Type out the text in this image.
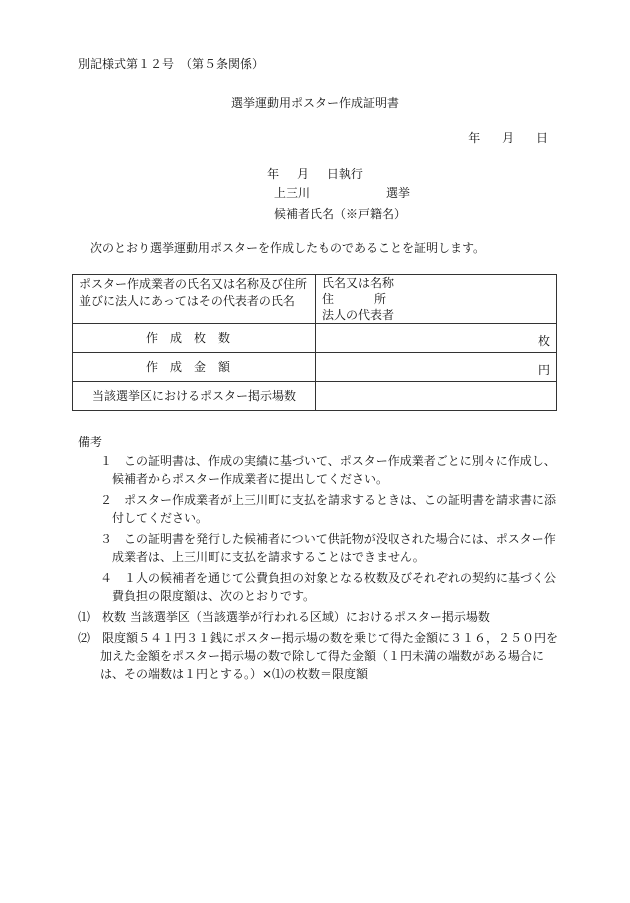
別記様式第１２号　（第５条関係）
選挙運動用ポスター作成証明書
年 月 日
年 月 日執行
上三川	選挙
候補者氏名（※戸籍名）
次のとおり選挙運動用ポスターを作成したものであることを証明します。
ポスター作成業者の氏名又は名称及び住所並びに法人にあってはその代表者の氏名	氏名又は名称
住 所
法人の代表者

作成枚数	枚

作成金額	円

当該選挙区におけるポスター掲示場数	
備考
１　この証明書は、作成の実績に基づいて、ポスター作成業者ごとに別々に作成し、候補者からポスター作成業者に提出してください。
２　ポスター作成業者が上三川町に支払を請求するときは、この証明書を請求書に添付してください。
３　この証明書を発行した候補者について供託物が没収された場合には、ポスター作成業者は、上三川町に支払を請求することはできません。
４　１人の候補者を通じて公費負担の対象となる枚数及びそれぞれの契約に基づく公費負担の限度額は、次のとおりです。
⑴　枚数 当該選挙区（当該選挙が行われる区域）におけるポスター掲示場数
⑵　限度額５４１円３１銭にポスター掲示場の数を乗じて得た金額に３１６，２５０円を加えた金額をポスター掲示場の数で除して得た金額（１円未満の端数がある場合には、その端数は１円とする。）×⑴の枚数＝限度額
